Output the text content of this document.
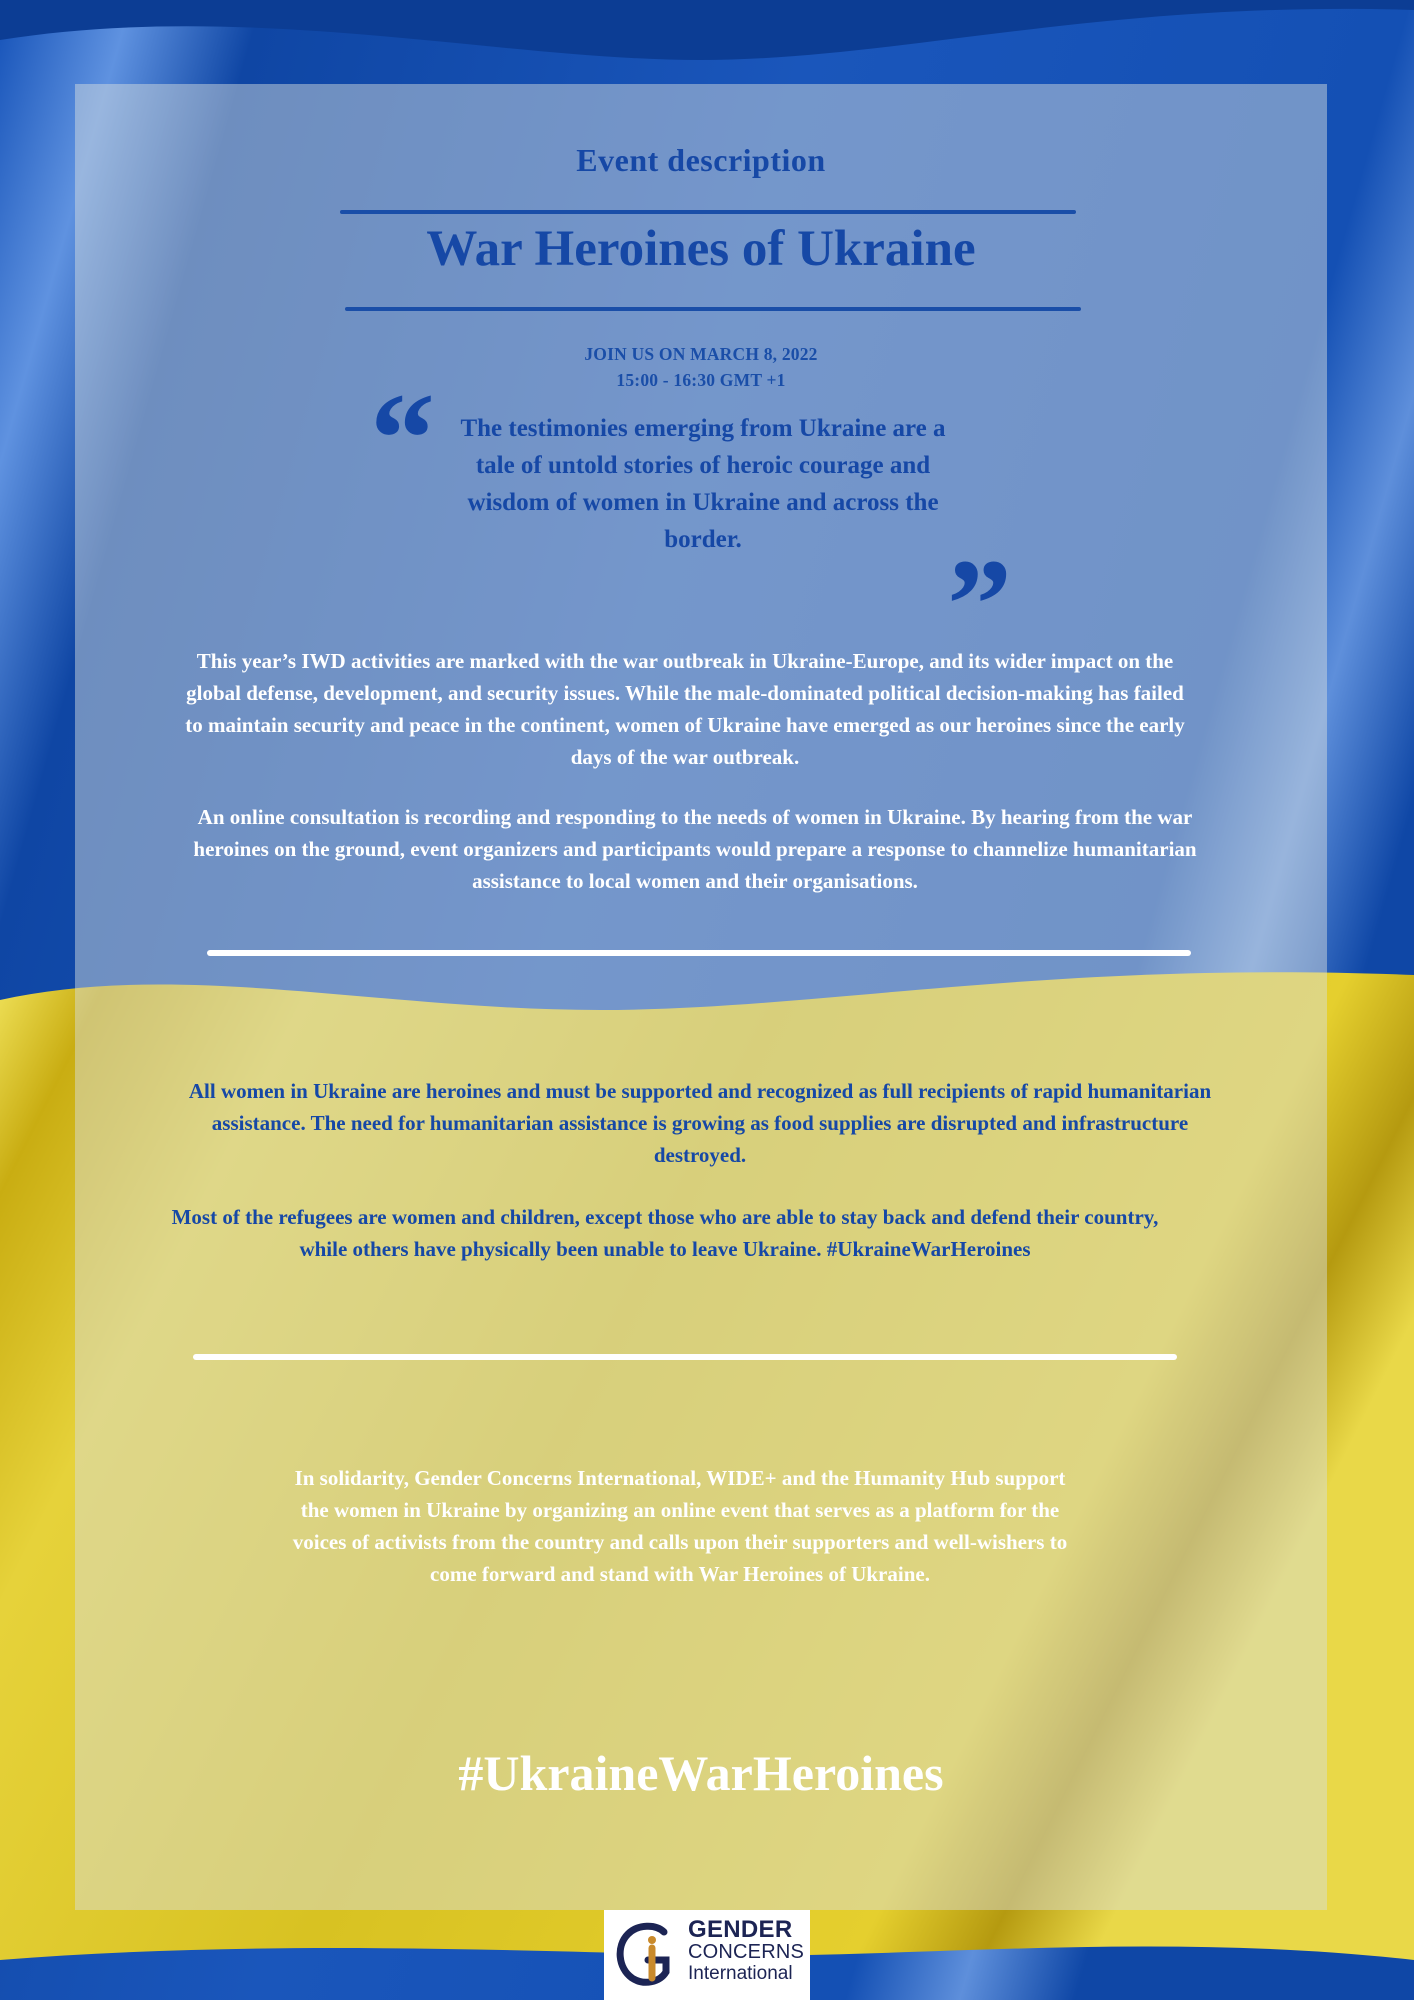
Event description
War Heroines of Ukraine
JOIN US ON MARCH 8, 2022
15:00 - 16:30 GMT +1
“ The testimonies emerging from Ukraine are a tale of untold stories of heroic courage and wisdom of women in Ukraine and across the border.	”
This year’s IWD activities are marked with the war outbreak in Ukraine-Europe, and its wider impact on the global defense, development, and security issues. While the male-dominated political decision-making has failed to maintain security and peace in the continent, women of Ukraine have emerged as our heroines since the early days of the war outbreak.
An online consultation is recording and responding to the needs of women in Ukraine. By hearing from the war heroines on the ground, event organizers and participants would prepare a response to channelize humanitarian assistance to local women and their organisations.
All women in Ukraine are heroines and must be supported and recognized as full recipients of rapid humanitarian assistance. The need for humanitarian assistance is growing as food supplies are disrupted and infrastructure destroyed.
Most of the refugees are women and children, except those who are able to stay back and defend their country, while others have physically been unable to leave Ukraine. #UkraineWarHeroines
In solidarity, Gender Concerns International, WIDE+ and the Humanity Hub support the women in Ukraine by organizing an online event that serves as a platform for the voices of activists from the country and calls upon their supporters and well-wishers to come forward and stand with War Heroines of Ukraine.
#UkraineWarHeroines
GENDER
CONCERNS
International
